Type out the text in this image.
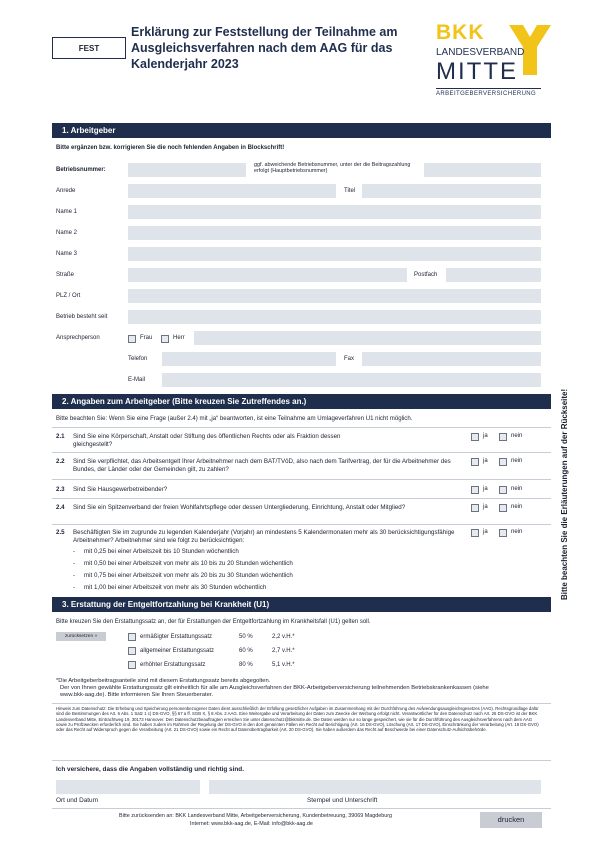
FEST
Erklärung zur Feststellung der Teilnahme am Ausgleichsverfahren nach dem AAG für das Kalenderjahr 2023
BKK
LANDESVERBAND
MITTE
ARBEITGEBERVERSICHERUNG
Bitte beachten Sie die Erläuterungen auf der Rückseite!
1. Arbeitgeber
Bitte ergänzen bzw. korrigieren Sie die noch fehlenden Angaben in Blockschrift!
Betriebsnummer:
ggf. abweichende Betriebsnummer, unter der die Beitragszahlung erfolgt (Hauptbetriebsnummer)
Anrede	Titel
Name 1
Name 2
Name 3
Straße	Postfach
PLZ / Ort
Betrieb besteht seit
Ansprechperson	Frau	Herr
Telefon	Fax
E-Mail
2. Angaben zum Arbeitgeber (Bitte kreuzen Sie Zutreffendes an.)
Bitte beachten Sie: Wenn Sie eine Frage (außer 2.4) mit „ja“ beantworten, ist eine Teilnahme am Umlageverfahren U1 nicht möglich.
2.1 Sind Sie eine Körperschaft, Anstalt oder Stiftung des öffentlichen Rechts oder als Fraktion dessen gleichgestellt?
ja	nein
2.2 Sind Sie verpflichtet, das Arbeitsentgelt Ihrer Arbeitnehmer nach dem BAT/TVöD, also nach dem Tarifvertrag, der für die Arbeitnehmer des Bundes, der Länder oder der Gemeinden gilt, zu zahlen?
ja	nein
2.3 Sind Sie Hausgewerbetreibender?	ja	nein
2.4 Sind Sie ein Spitzenverband der freien Wohlfahrtspflege oder dessen Untergliederung, Einrichtung, Anstalt oder Mitglied?	ja	nein
2.5 Beschäftigten Sie im zugrunde zu legenden Kalenderjahr (Vorjahr) an mindestens 5 Kalendermonaten mehr als 30 berücksichtigungsfähige Arbeitnehmer? Arbeitnehmer sind wie folgt zu berücksichtigen:
ja	nein
- mit 0,25 bei einer Arbeitszeit bis 10 Stunden wöchentlich
- mit 0,50 bei einer Arbeitszeit von mehr als 10 bis zu 20 Stunden wöchentlich
- mit 0,75 bei einer Arbeitszeit von mehr als 20 bis zu 30 Stunden wöchentlich
- mit 1,00 bei einer Arbeitszeit von mehr als 30 Stunden wöchentlich
3. Erstattung der Entgeltfortzahlung bei Krankheit (U1)
Bitte kreuzen Sie den Erstattungssatz an, der für Erstattungen der Entgeltfortzahlung im Krankheitsfall (U1) gelten soll.
zurücksetzen »	ermäßigter Erstattungssatz	50 %	2,2 v.H.*
allgemeiner Erstattungssatz	60 %	2,7 v.H.*
erhöhter Erstattungssatz	80 %	5,1 v.H.*
*Die Arbeitgeberbeitragsanteile sind mit diesem Erstattungssatz bereits abgegolten.
Der von Ihnen gewählte Erstattungssatz gilt einheitlich für alle am Ausgleichsverfahren der BKK-Arbeitgeberversicherung teilnehmenden Betriebskrankenkassen (siehe www.bkk-aag.de). Bitte informieren Sie Ihren Steuerberater.
Hinweis zum Datenschutz: Die Erhebung und Speicherung personenbezogener Daten dient ausschließlich der Erfüllung gesetzlicher Aufgaben im Zusammenhang mit der Durchführung des Aufwendungsausgleichsgesetzes (AAG). Rechtsgrundlage dafür sind die Bestimmungen des Art. 6 Abs. 1 Satz 1 c) DS-GVO, §§ 67 a ff. SGB X, § 8 Abs. 2 AAG. Eine Weitergabe und Verarbeitung der Daten zum Zwecke der Werbung erfolgt nicht. Verantwortlicher für den Datenschutz nach Art. 26 DS-GVO ist der BKK Landesverband Mitte, Eintrachtweg 19, 30173 Hannover. Den Datenschutzbeauftragten erreichen Sie unter datenschutz@bkkmitte.de. Die Daten werden nur so lange gespeichert, wie sie für die Durchführung des Ausgleichsverfahrens nach dem AAG sowie zu Prüfzwecken erforderlich sind. Sie haben zudem im Rahmen der Regelung der DS-GVO in den dort genannten Fällen ein Recht auf Berichtigung (Art. 16 DS-GVO), Löschung (Art. 17 DS-GVO), Einschränkung der Verarbeitung (Art. 18 DS-GVO) oder das Recht auf Widerspruch gegen die Verarbeitung (Art. 21 DS-GVO) sowie ein Recht auf Datenübertragbarkeit (Art. 20 DS-GVO). Sie haben außerdem das Recht auf Beschwerde bei einer Datenschutz-Aufsichtsbehörde.
Ich versichere, dass die Angaben vollständig und richtig sind.
Ort und Datum	Stempel und Unterschrift
Bitte zurücksenden an: BKK Landesverband Mitte, Arbeitgeberversicherung, Kundenbetreuung, 39069 Magdeburg
Internet: www.bkk-aag.de, E-Mail: info@bkk-aag.de	drucken
